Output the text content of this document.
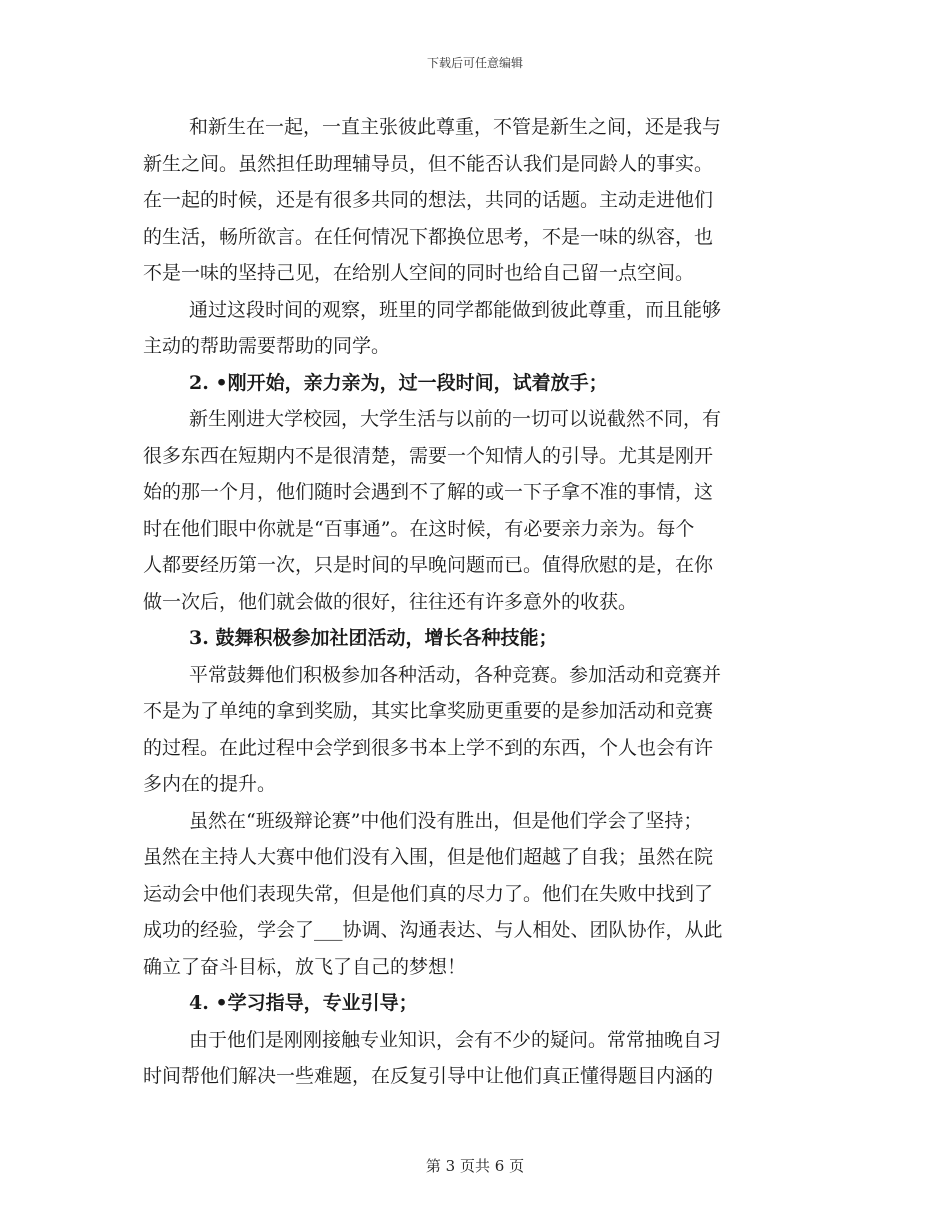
下载后可任意编辑
和新生在一起，一直主张彼此尊重，不管是新生之间，还是我与
新生之间。虽然担任助理辅导员，但不能否认我们是同龄人的事实。
在一起的时候，还是有很多共同的想法，共同的话题。主动走进他们
的生活，畅所欲言。在任何情况下都换位思考，不是一味的纵容，也
不是一味的坚持己见，在给别人空间的同时也给自己留一点空间。
通过这段时间的观察，班里的同学都能做到彼此尊重，而且能够
主动的帮助需要帮助的同学。
2. •刚开始，亲力亲为，过一段时间，试着放手；
新生刚进大学校园，大学生活与以前的一切可以说截然不同，有
很多东西在短期内不是很清楚，需要一个知情人的引导。尤其是刚开
始的那一个月，他们随时会遇到不了解的或一下子拿不准的事情，这
时在他们眼中你就是“百事通”。在这时候，有必要亲力亲为。每个
人都要经历第一次，只是时间的早晚问题而已。值得欣慰的是，在你
做一次后，他们就会做的很好，往往还有许多意外的收获。
3. 鼓舞积极参加社团活动，增长各种技能；
平常鼓舞他们积极参加各种活动，各种竞赛。参加活动和竞赛并
不是为了单纯的拿到奖励，其实比拿奖励更重要的是参加活动和竞赛
的过程。在此过程中会学到很多书本上学不到的东西，个人也会有许
多内在的提升。
虽然在“班级辩论赛”中他们没有胜出，但是他们学会了坚持；
虽然在主持人大赛中他们没有入围，但是他们超越了自我；虽然在院
运动会中他们表现失常，但是他们真的尽力了。他们在失败中找到了
成功的经验，学会了___协调、沟通表达、与人相处、团队协作，从此
确立了奋斗目标，放飞了自己的梦想！
4. •学习指导，专业引导；
由于他们是刚刚接触专业知识，会有不少的疑问。常常抽晚自习
时间帮他们解决一些难题，在反复引导中让他们真正懂得题目内涵的
第 3 页共 6 页
